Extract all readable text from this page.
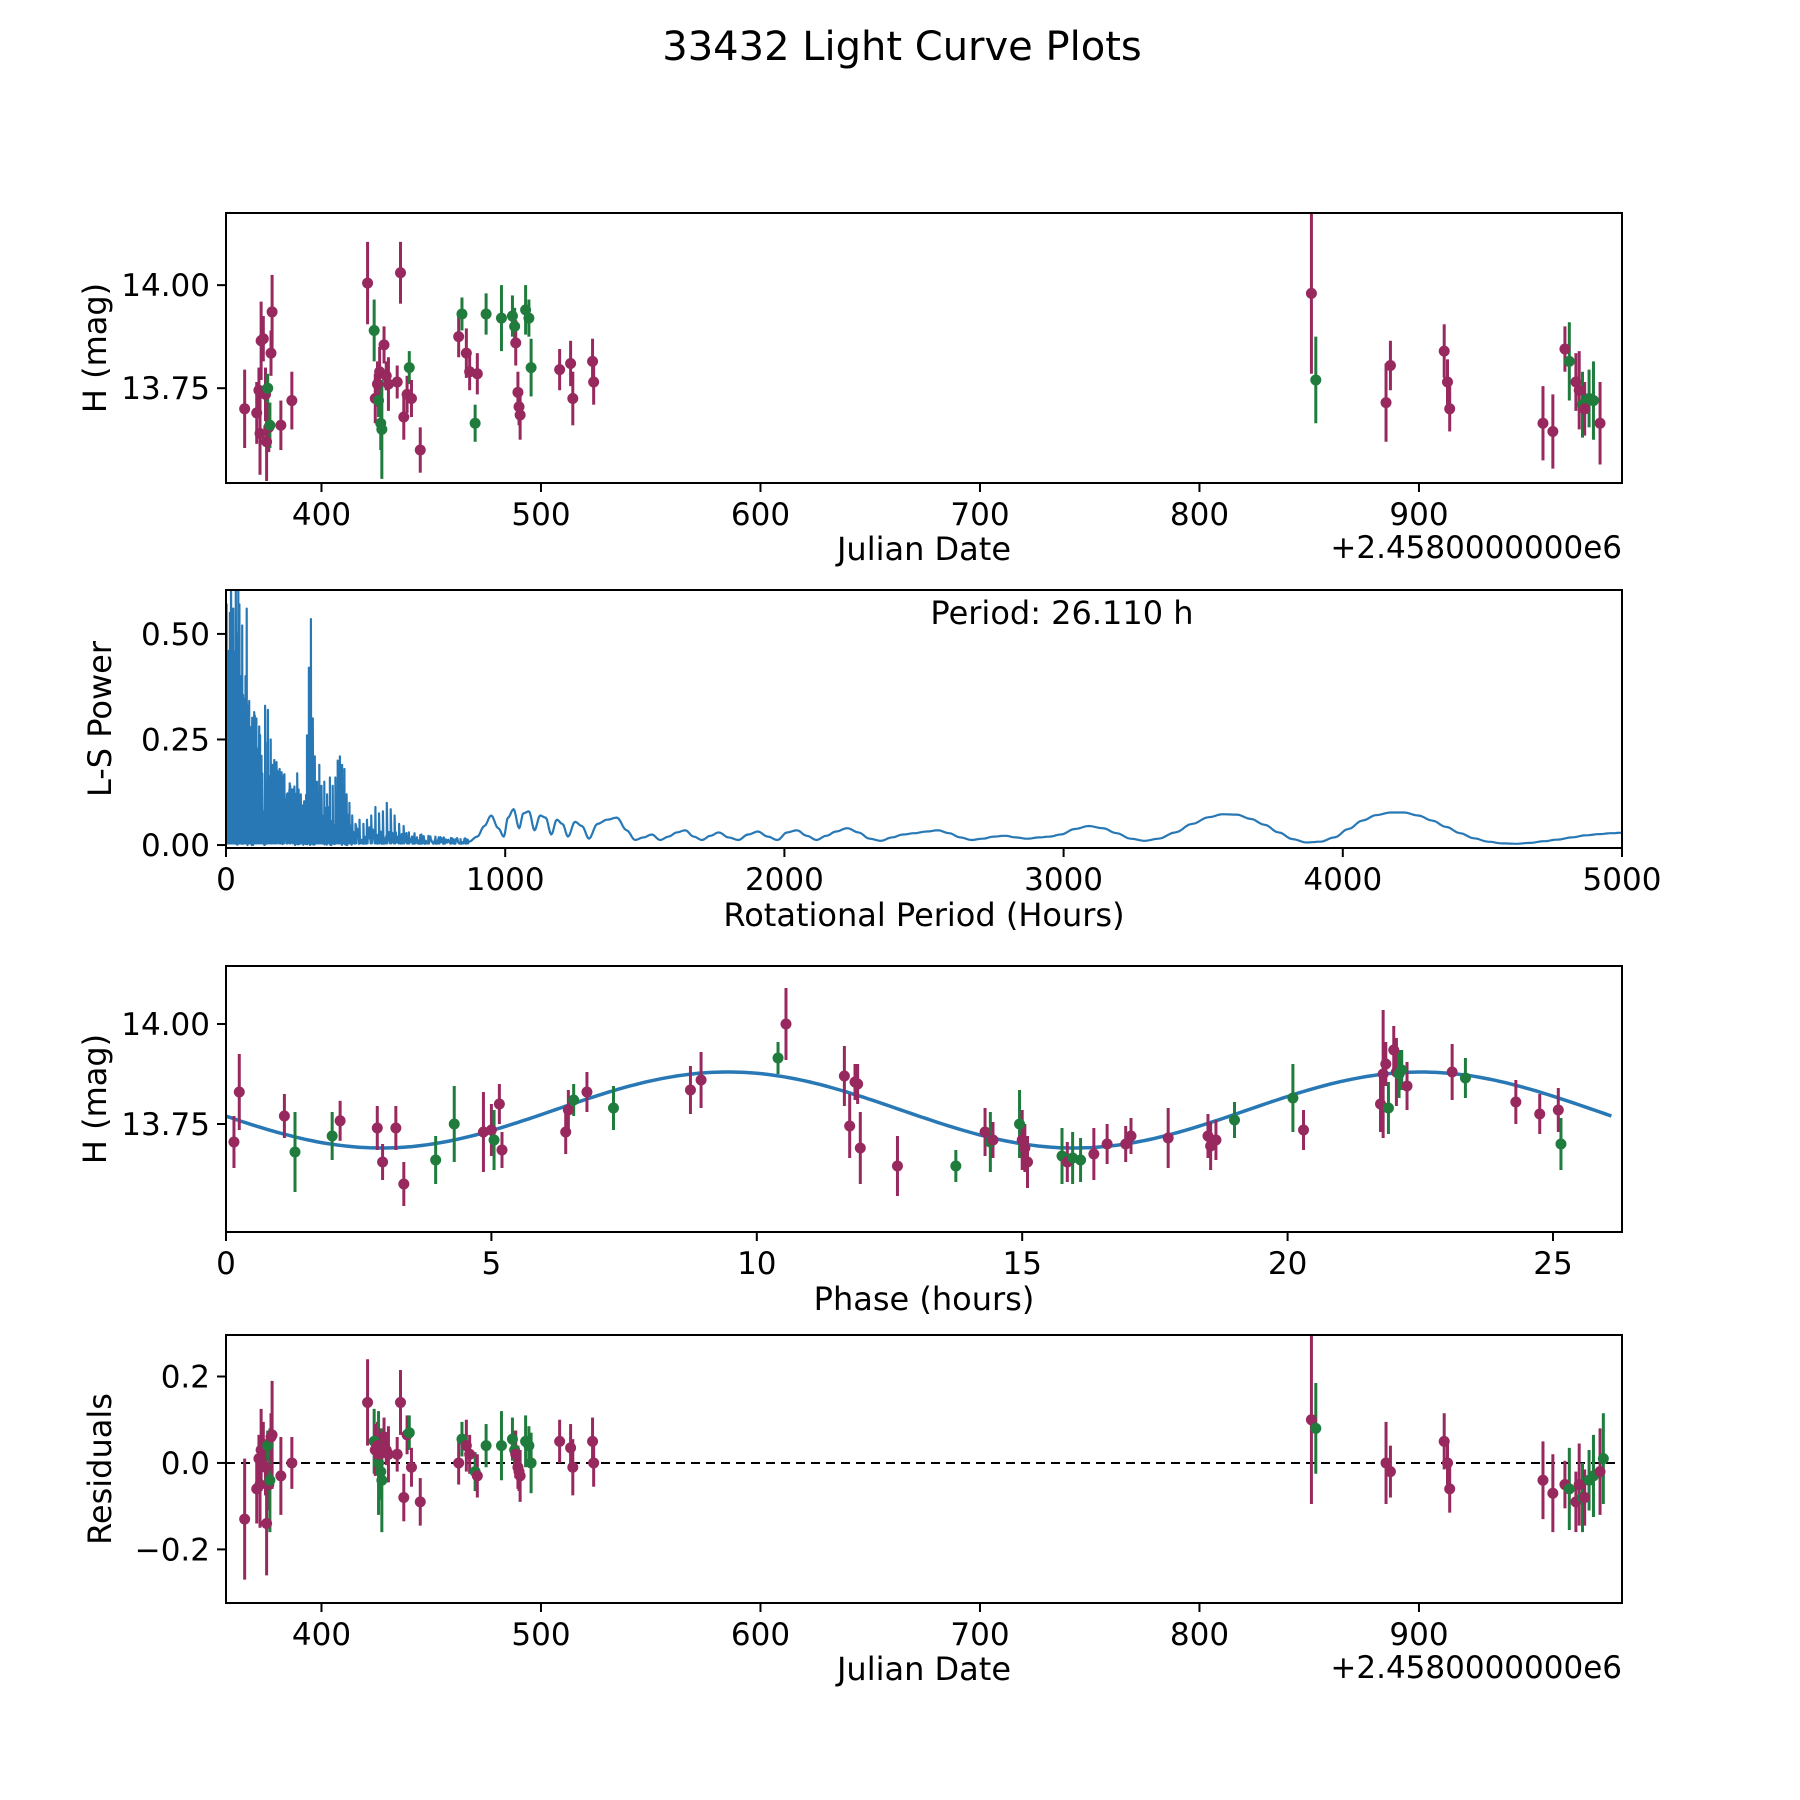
400	500	600	700	800	900
14.00
13.75
0	1000	2000	3000	4000	5000
0.00
0.25
0.50
0	5	10	15	20	25
14.00
13.75
400	500	600	700	800	900
0.2
0.0
−0.2
33432 Light Curve Plots
H (mag)
Julian Date	+2.4580000000e6
L-S Power
Period: 26.110 h
Rotational Period (Hours)
H (mag)
Phase (hours)
Residuals
Julian Date	+2.4580000000e6
